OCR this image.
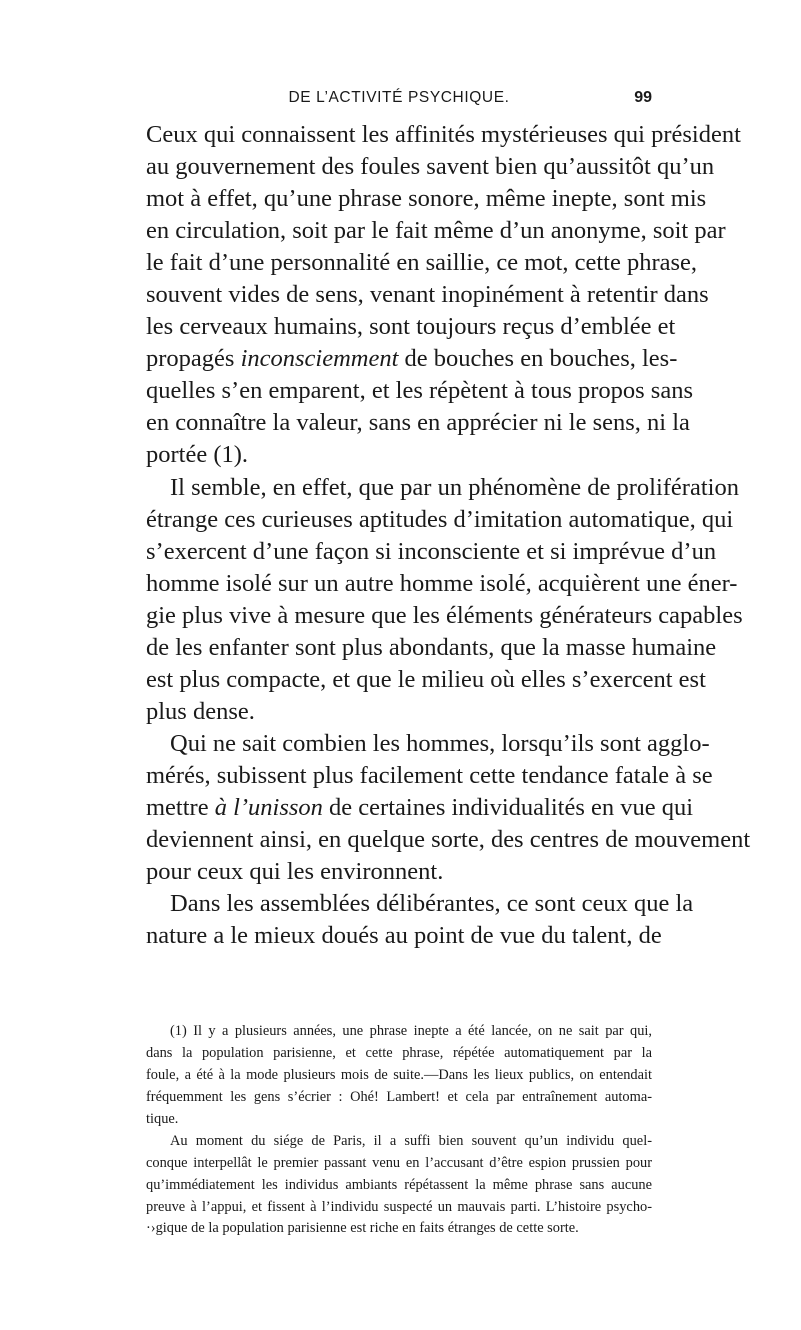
DE L’ACTIVITÉ PSYCHIQUE.	99
Ceux qui connaissent les affinités mystérieuses qui président
au gouvernement des foules savent bien qu’aussitôt qu’un
mot à effet, qu’une phrase sonore, même inepte, sont mis
en circulation, soit par le fait même d’un anonyme, soit par
le fait d’une personnalité en saillie, ce mot, cette phrase,
souvent vides de sens, venant inopinément à retentir dans
les cerveaux humains, sont toujours reçus d’emblée et
propagés inconsciemment de bouches en bouches, les-
quelles s’en emparent, et les répètent à tous propos sans
en connaître la valeur, sans en apprécier ni le sens, ni la
portée (1).
Il semble, en effet, que par un phénomène de prolifération
étrange ces curieuses aptitudes d’imitation automatique, qui
s’exercent d’une façon si inconsciente et si imprévue d’un
homme isolé sur un autre homme isolé, acquièrent une éner-
gie plus vive à mesure que les éléments générateurs capables
de les enfanter sont plus abondants, que la masse humaine
est plus compacte, et que le milieu où elles s’exercent est
plus dense.
Qui ne sait combien les hommes, lorsqu’ils sont agglo-
mérés, subissent plus facilement cette tendance fatale à se
mettre à l’unisson de certaines individualités en vue qui
deviennent ainsi, en quelque sorte, des centres de mouvement
pour ceux qui les environnent.
Dans les assemblées délibérantes, ce sont ceux que la
nature a le mieux doués au point de vue du talent, de
(1) Il y a plusieurs années, une phrase inepte a été lancée, on ne sait par qui,
dans la population parisienne, et cette phrase, répétée automatiquement par la
foule, a été à la mode plusieurs mois de suite.—Dans les lieux publics, on entendait
fréquemment les gens s’écrier : Ohé! Lambert! et cela par entraînement automa-
tique.
Au moment du siége de Paris, il a suffi bien souvent qu’un individu quel-
conque interpellât le premier passant venu en l’accusant d’être espion prussien pour
qu’immédiatement les individus ambiants répétassent la même phrase sans aucune
preuve à l’appui, et fissent à l’individu suspecté un mauvais parti. L’histoire psycho-
·›gique de la population parisienne est riche en faits étranges de cette sorte.
